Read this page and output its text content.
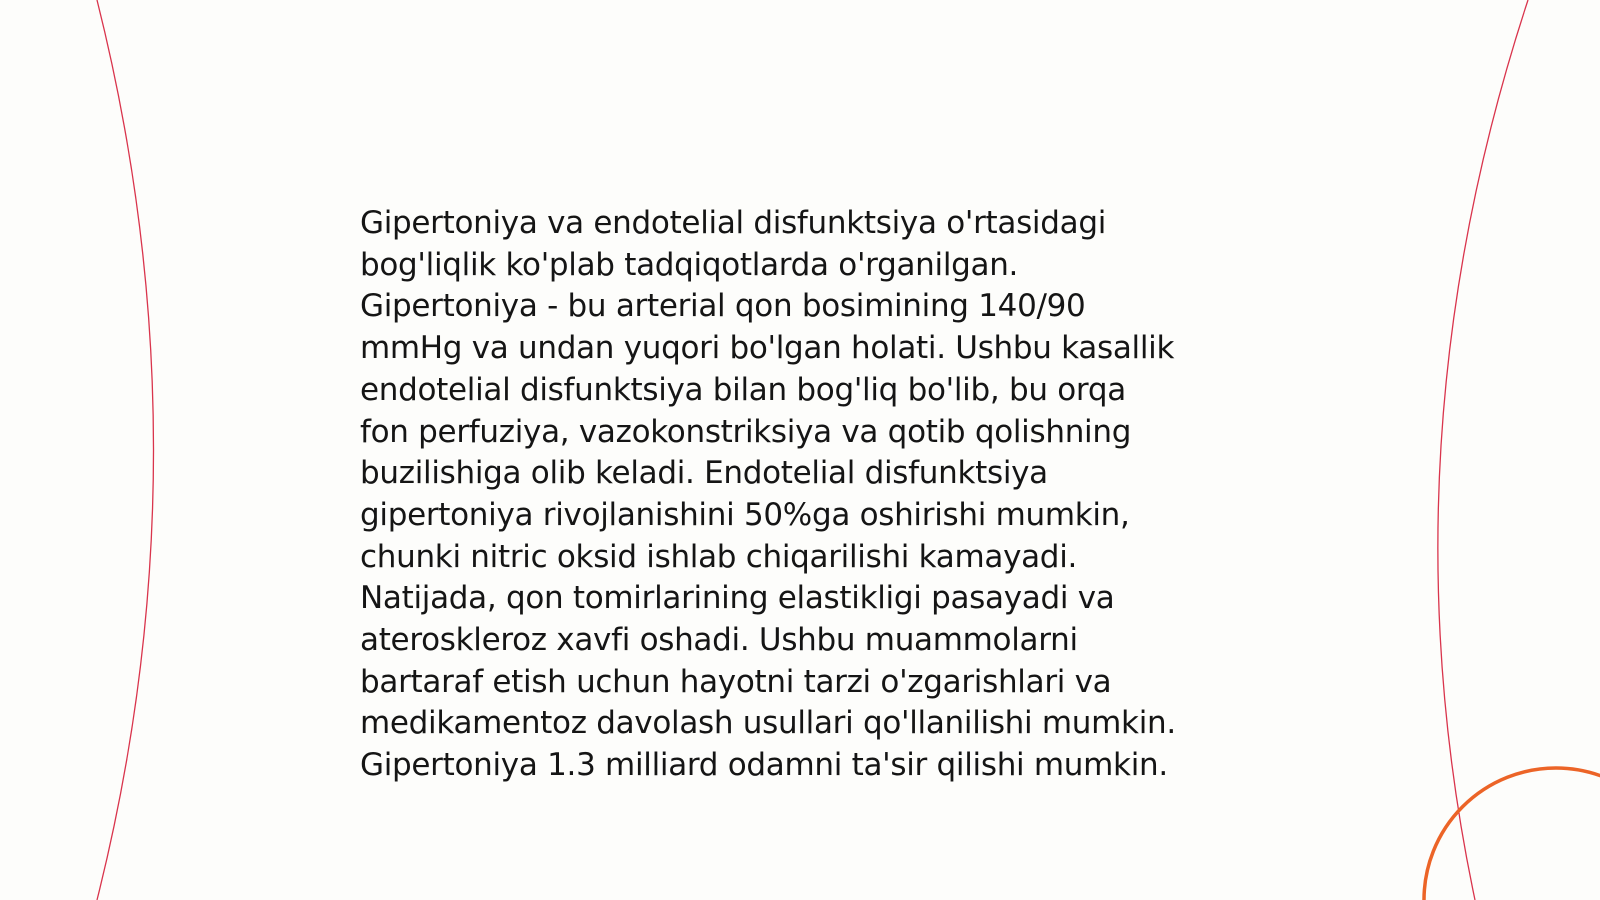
Gipertoniya va endotelial disfunktsiya o'rtasidagi
bog'liqlik ko'plab tadqiqotlarda o'rganilgan.
Gipertoniya - bu arterial qon bosimining 140/90
mmHg va undan yuqori bo'lgan holati. Ushbu kasallik
endotelial disfunktsiya bilan bog'liq bo'lib, bu orqa
fon perfuziya, vazokonstriksiya va qotib qolishning
buzilishiga olib keladi. Endotelial disfunktsiya
gipertoniya rivojlanishini 50%ga oshirishi mumkin,
chunki nitric oksid ishlab chiqarilishi kamayadi.
Natijada, qon tomirlarining elastikligi pasayadi va
ateroskleroz xavfi oshadi. Ushbu muammolarni
bartaraf etish uchun hayotni tarzi o'zgarishlari va
medikamentoz davolash usullari qo'llanilishi mumkin.
Gipertoniya 1.3 milliard odamni ta'sir qilishi mumkin.
